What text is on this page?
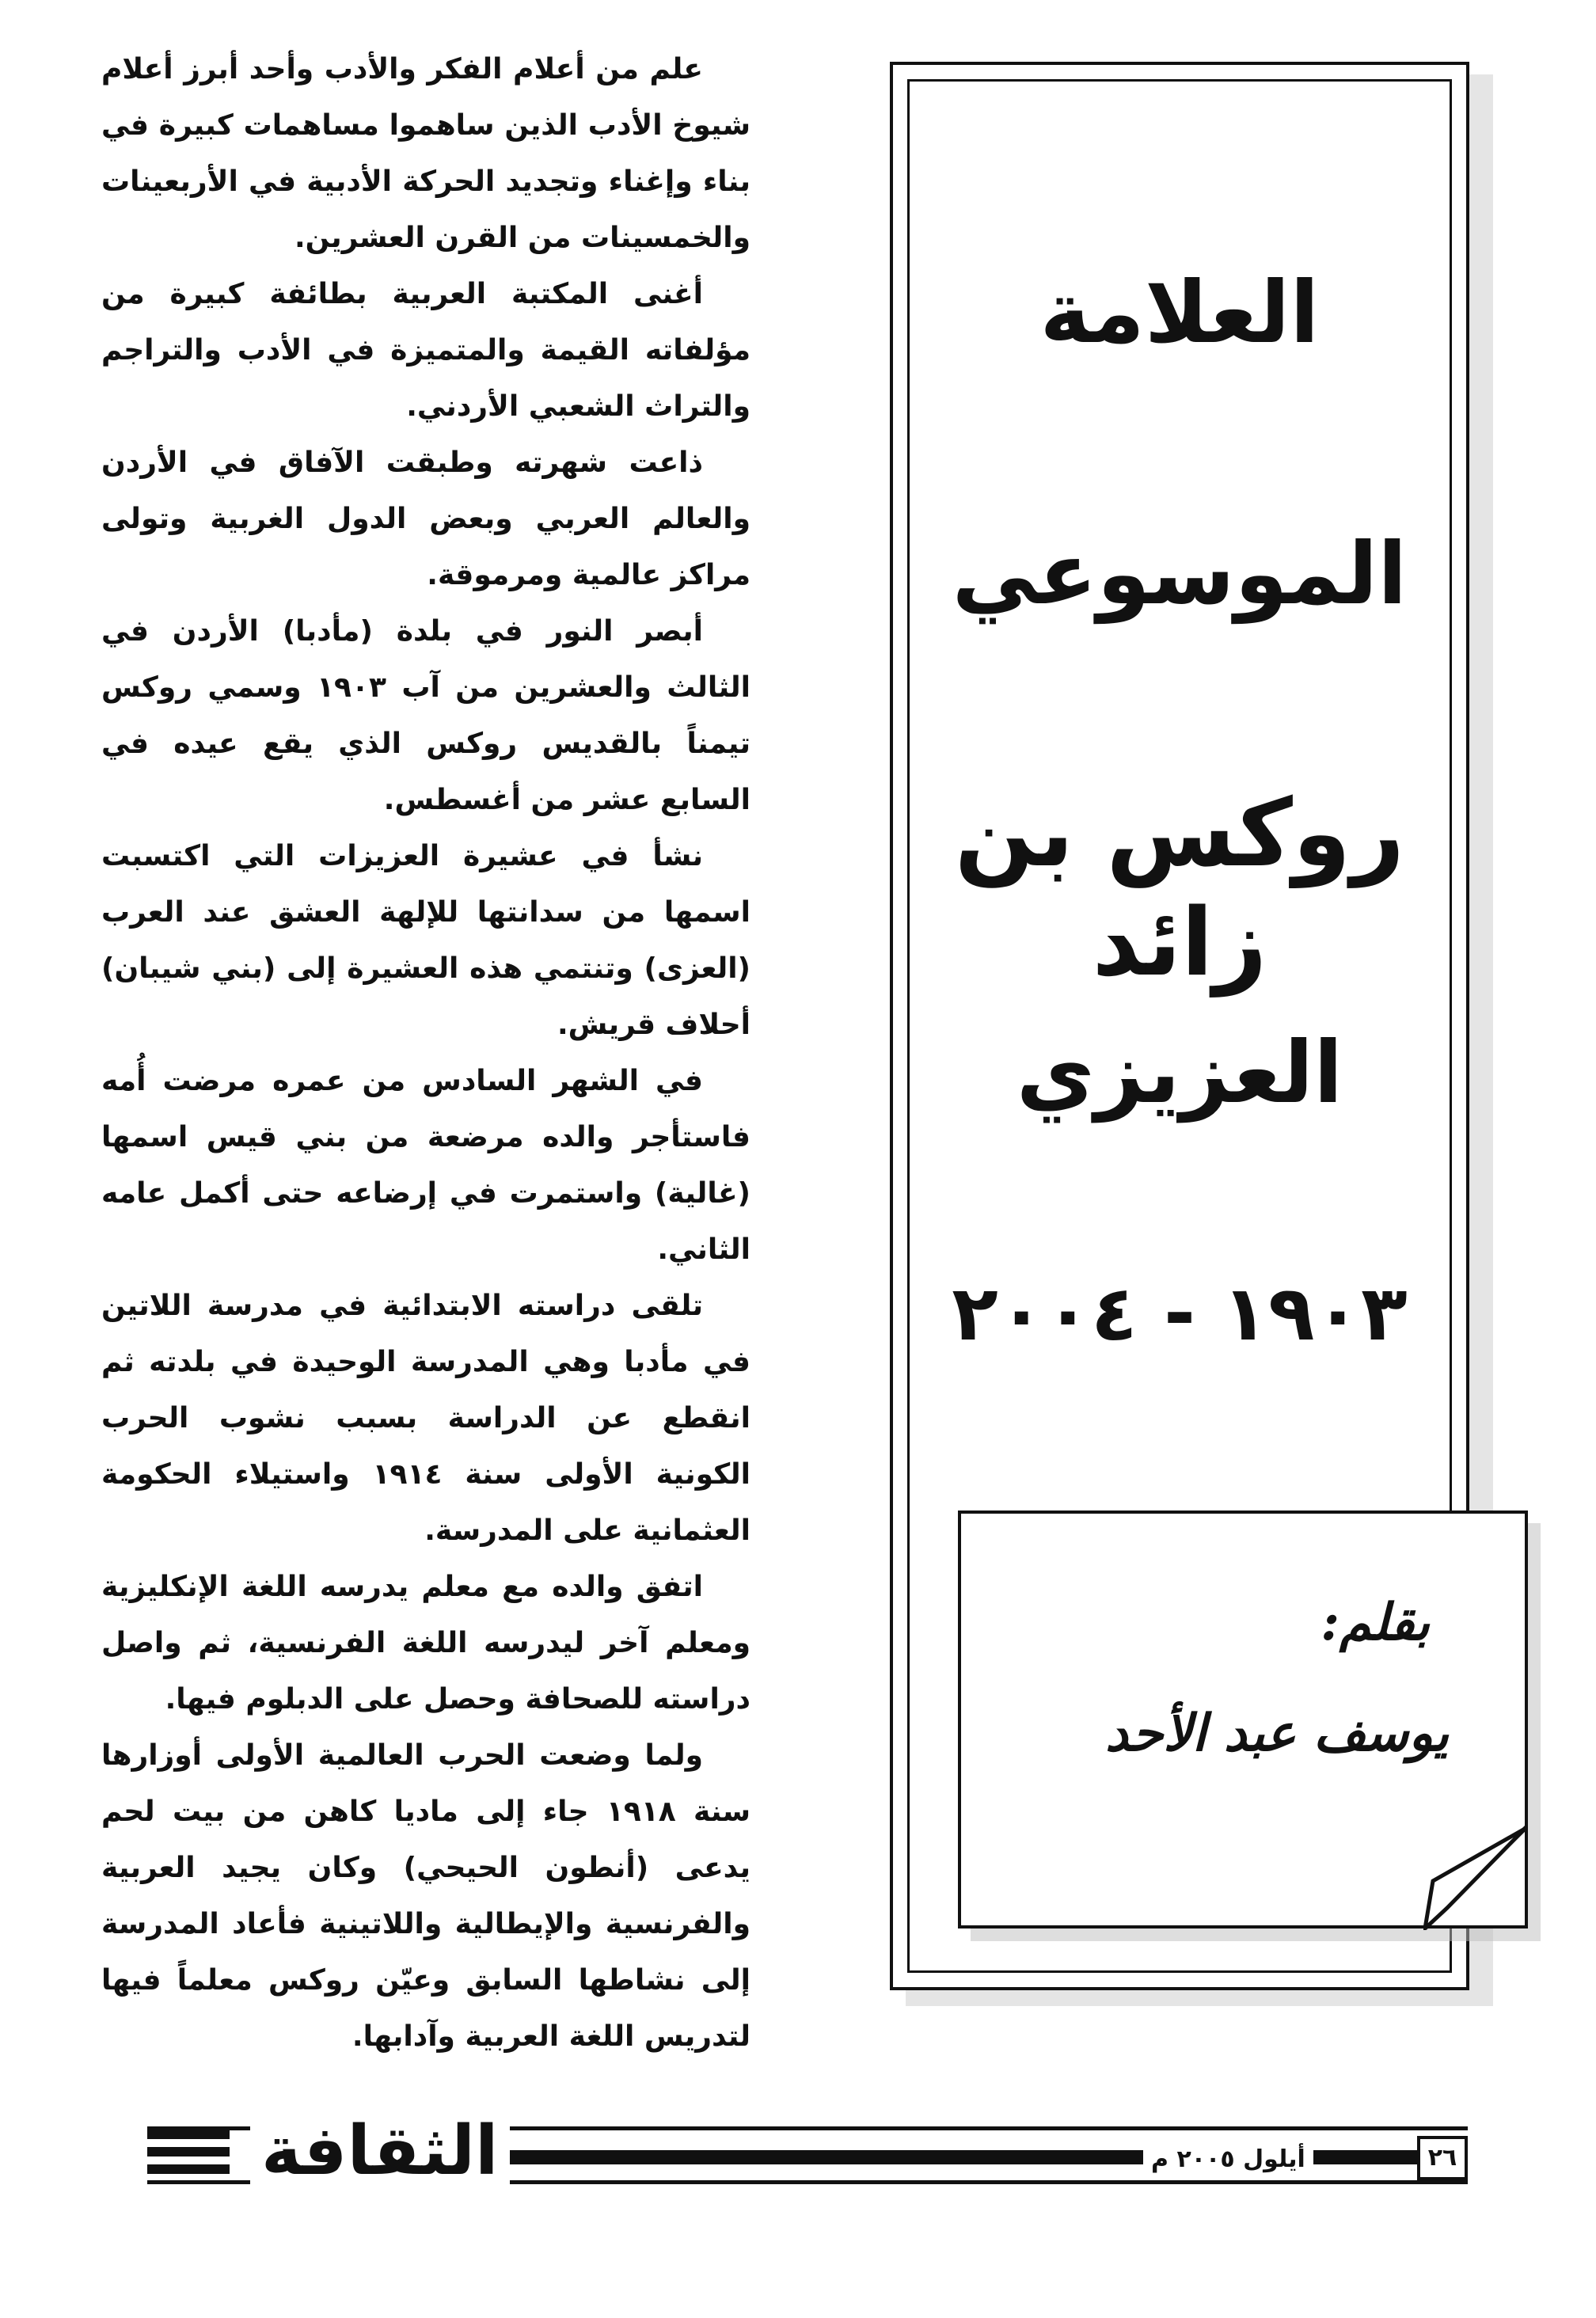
علم من أعلام الفكر والأدب وأحد أبرز أعلام شيوخ الأدب الذين ساهموا مساهمات كبيرة في بناء وإغناء وتجديد الحركة الأدبية في الأربعينات والخمسينات من القرن العشرين.

أغنى المكتبة العربية بطائفة كبيرة من مؤلفاته القيمة والمتميزة في الأدب والتراجم والتراث الشعبي الأردني.

ذاعت شهرته وطبقت الآفاق في الأردن والعالم العربي وبعض الدول الغربية وتولى مراكز عالمية ومرموقة.

أبصر النور في بلدة (مأدبا) الأردن في الثالث والعشرين من آب ١٩٠٣ وسمي روكس تيمناً بالقديس روكس الذي يقع عيده في السابع عشر من أغسطس.

نشأ في عشيرة العزيزات التي اكتسبت اسمها من سدانتها للإلهة العشق عند العرب (العزى) وتنتمي هذه العشيرة إلى (بني شيبان) أحلاف قريش.

في الشهر السادس من عمره مرضت أُمه فاستأجر والده مرضعة من بني قيس اسمها (غالية) واستمرت في إرضاعه حتى أكمل عامه الثاني.

تلقى دراسته الابتدائية في مدرسة اللاتين في مأدبا وهي المدرسة الوحيدة في بلدته ثم انقطع عن الدراسة بسبب نشوب الحرب الكونية الأولى سنة ١٩١٤ واستيلاء الحكومة العثمانية على المدرسة.

اتفق والده مع معلم يدرسه اللغة الإنكليزية ومعلم آخر ليدرسه اللغة الفرنسية، ثم واصل دراسته للصحافة وحصل على الدبلوم فيها.

ولما وضعت الحرب العالمية الأولى أوزارها سنة ١٩١٨ جاء إلى ماديا كاهن من بيت لحم يدعى (أنطون الحيحي) وكان يجيد العربية والفرنسية والإيطالية واللاتينية فأعاد المدرسة إلى نشاطها السابق وعيّن روكس معلماً فيها لتدريس اللغة العربية وآدابها.

العلامة
الموسوعي
روكس بن زائد
العزيزي
١٩٠٣ - ٢٠٠٤
بقلم:
يوسف عبد الأحد
الثقافة	أيلول ٢٠٠٥ م	٢٦
